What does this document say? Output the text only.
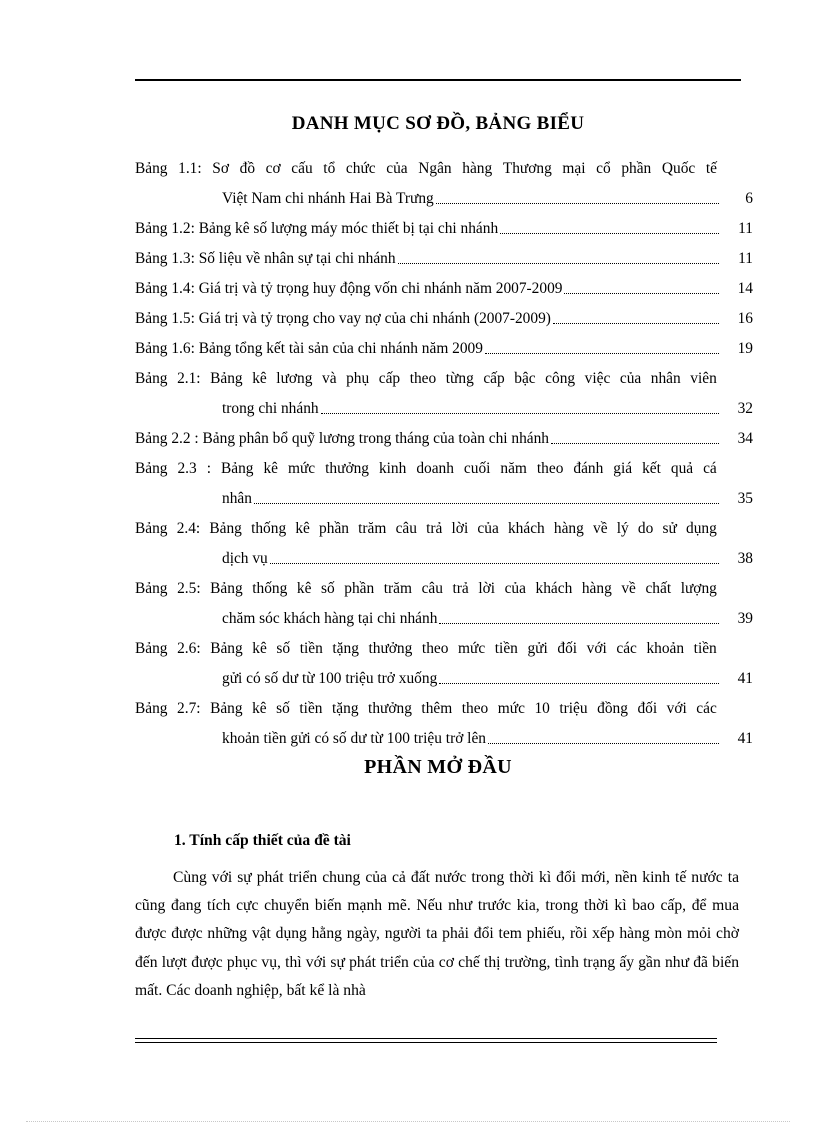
DANH MỤC SƠ ĐỒ, BẢNG BIỂU
Bảng 1.1: Sơ đồ cơ cấu tổ chức của Ngân hàng Thương mại cổ phần Quốc tế
Việt Nam chi nhánh Hai Bà Trưng	6
Bảng 1.2: Bảng kê số lượng máy móc thiết bị tại chi nhánh	11
Bảng 1.3: Số liệu về nhân sự tại chi nhánh	11
Bảng 1.4: Giá trị và tỷ trọng huy động vốn chi nhánh năm 2007-2009	14
Bảng 1.5: Giá trị và tỷ trọng cho vay nợ của chi nhánh (2007-2009)	16
Bảng 1.6: Bảng tổng kết tài sản của chi nhánh năm 2009	19
Bảng 2.1: Bảng kê lương và phụ cấp theo từng cấp bậc công việc của nhân viên
trong chi nhánh	32
Bảng 2.2 : Bảng phân bổ quỹ lương trong tháng của toàn chi nhánh	34
Bảng 2.3 : Bảng kê mức thưởng kinh doanh cuối năm theo đánh giá kết quả cá
nhân	35
Bảng 2.4: Bảng thống kê phần trăm câu trả lời của khách hàng về lý do sử dụng
dịch vụ	38
Bảng 2.5: Bảng thống kê số phần trăm câu trả lời của khách hàng về chất lượng
chăm sóc khách hàng tại chi nhánh	39
Bảng 2.6: Bảng kê số tiền tặng thưởng theo mức tiền gửi đối với các khoản tiền
gửi có số dư từ 100 triệu trở xuống	41
Bảng 2.7: Bảng kê số tiền tặng thưởng thêm theo mức 10 triệu đồng đối với các
khoản tiền gửi có số dư từ 100 triệu trở lên	41
PHẦN MỞ ĐẦU
1. Tính cấp thiết của đề tài
Cùng với sự phát triển chung của cả đất nước trong thời kì đổi mới, nền kinh tế nước ta cũng đang tích cực chuyển biến mạnh mẽ. Nếu như trước kia, trong thời kì bao cấp, để mua được được những vật dụng hằng ngày, người ta phải đổi tem phiếu, rồi xếp hàng mòn mỏi chờ đến lượt được phục vụ, thì với sự phát triển của cơ chế thị trường, tình trạng ấy gần như đã biến mất. Các doanh nghiệp, bất kể là nhà
